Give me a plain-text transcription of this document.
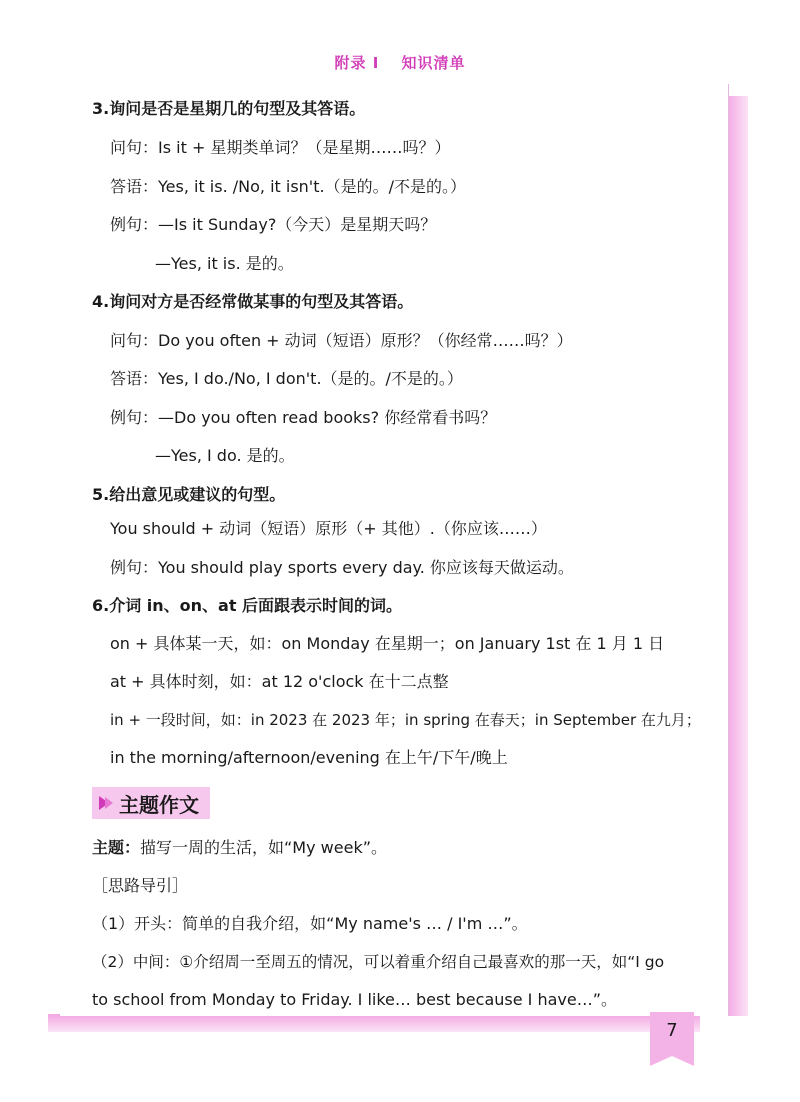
附录 I 知识清单
3.询问是否是星期几的句型及其答语。
问句：Is it + 星期类单词？（是星期……吗？）
答语：Yes, it is. /No, it isn't.（是的。/不是的。）
例句：—Is it Sunday?（今天）是星期天吗？
—Yes, it is. 是的。
4.询问对方是否经常做某事的句型及其答语。
问句：Do you often + 动词（短语）原形？（你经常……吗？）
答语：Yes, I do./No, I don't.（是的。/不是的。）
例句：—Do you often read books? 你经常看书吗？
—Yes, I do. 是的。
5.给出意见或建议的句型。
You should + 动词（短语）原形（+ 其他）.（你应该……）
例句：You should play sports every day. 你应该每天做运动。
6.介词 in、on、at 后面跟表示时间的词。
on + 具体某一天，如：on Monday 在星期一；on January 1st 在 1 月 1 日
at + 具体时刻，如：at 12 o'clock 在十二点整
in + 一段时间，如：in 2023 在 2023 年；in spring 在春天；in September 在九月；
in the morning/afternoon/evening 在上午/下午/晚上
主题作文
主题：描写一周的生活，如“My week”。
［思路导引］
（1）开头：简单的自我介绍，如“My name's … / I'm …”。
（2）中间：①介绍周一至周五的情况，可以着重介绍自己最喜欢的那一天，如“I go
to school from Monday to Friday. I like… best because I have…”。
7
